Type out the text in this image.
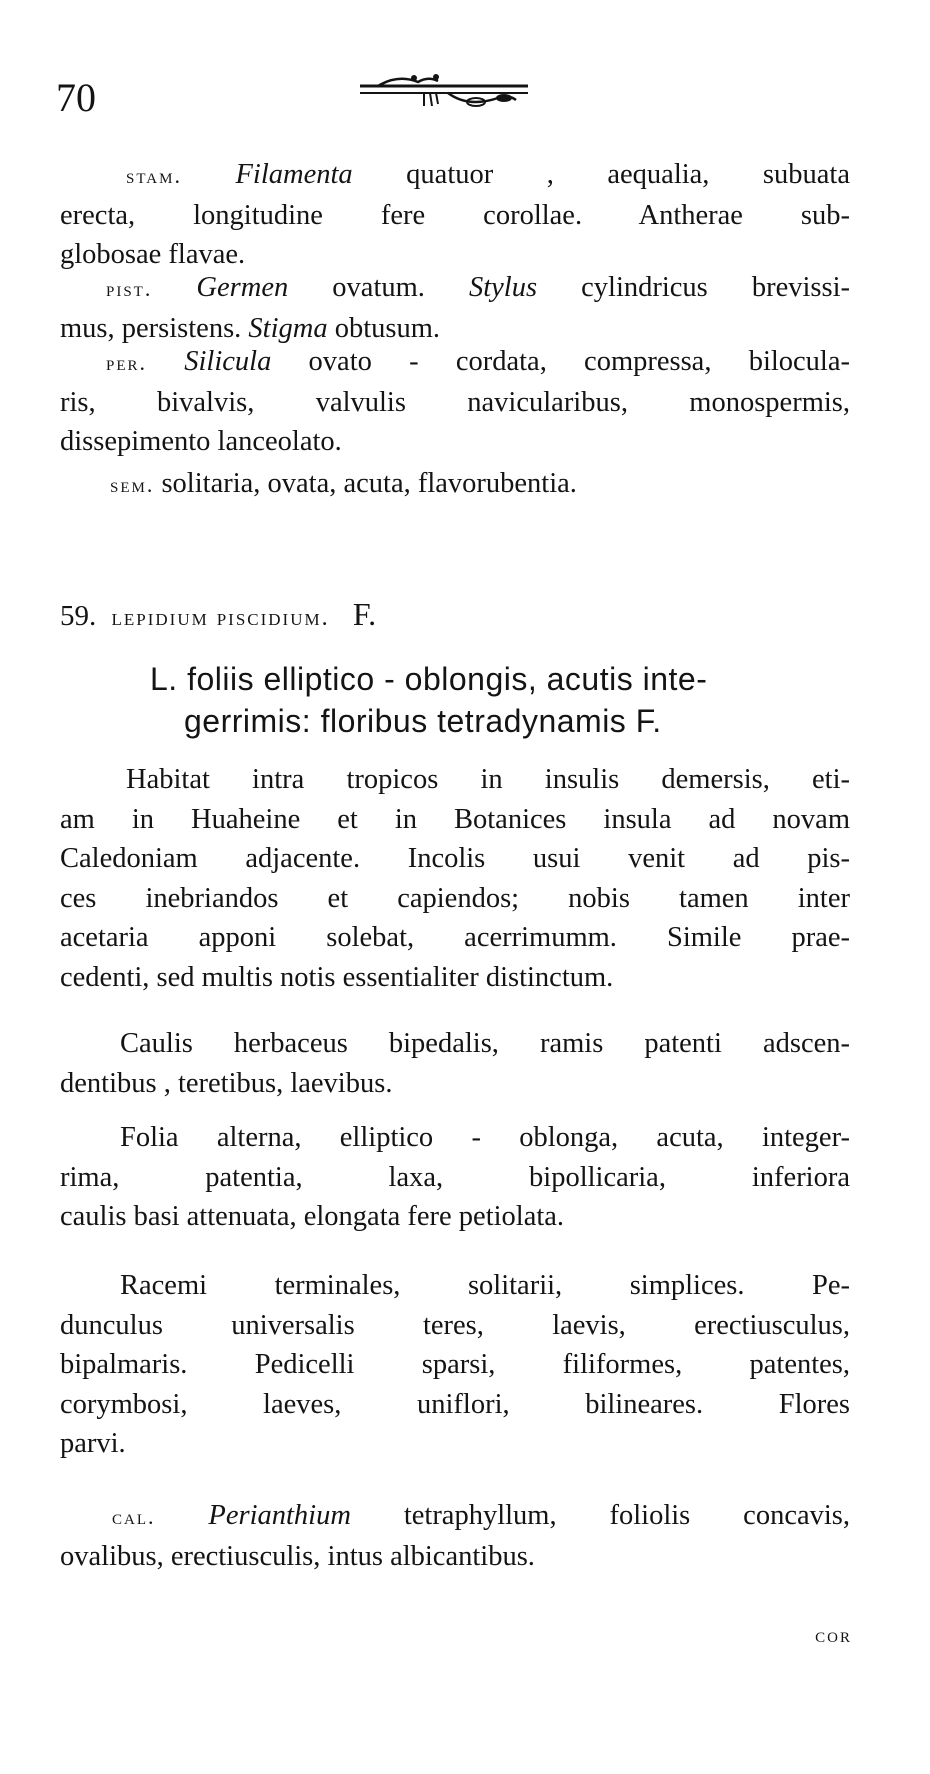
70
stam. Filamenta quatuor , aequalia, subuata
erecta, longitudine fere corollae. Antherae sub-
globosae flavae.
pist. Germen ovatum. Stylus cylindricus brevissi-
mus, persistens. Stigma obtusum.
per. Silicula ovato - cordata, compressa, bilocula-
ris, bivalvis, valvulis navicularibus, monospermis,
dissepimento lanceolato.
sem. solitaria, ovata, acuta, flavorubentia.
59. lepidium piscidium. F.
L. foliis elliptico - oblongis, acutis inte-
gerrimis: floribus tetradynamis F.
Habitat intra tropicos in insulis demersis, eti-
am in Huaheine et in Botanices insula ad novam
Caledoniam adjacente. Incolis usui venit ad pis-
ces inebriandos et capiendos; nobis tamen inter
acetaria apponi solebat, acerrimumm. Simile prae-
cedenti, sed multis notis essentialiter distinctum.
Caulis herbaceus bipedalis, ramis patenti adscen-
dentibus , teretibus, laevibus.
Folia alterna, elliptico - oblonga, acuta, integer-
rima, patentia, laxa, bipollicaria, inferiora
caulis basi attenuata, elongata fere petiolata.
Racemi terminales, solitarii, simplices. Pe-
dunculus universalis teres, laevis, erectiusculus,
bipalmaris. Pedicelli sparsi, filiformes, patentes,
corymbosi, laeves, uniflori, bilineares. Flores
parvi.
cal. Perianthium tetraphyllum, foliolis concavis,
ovalibus, erectiusculis, intus albicantibus.
cor
